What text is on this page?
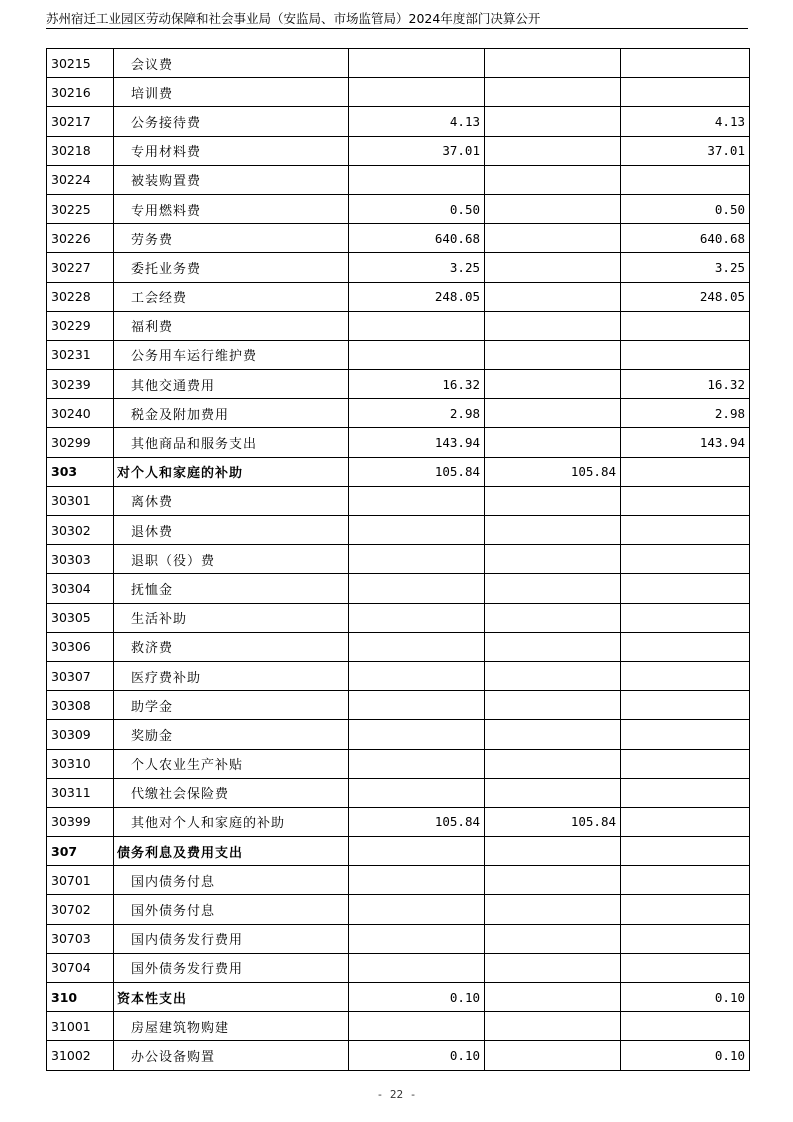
苏州宿迁工业园区劳动保障和社会事业局（安监局、市场监管局）2024年度部门决算公开
30215	会议费			
30216	培训费			
30217	公务接待费	4.13		4.13
30218	专用材料费	37.01		37.01
30224	被装购置费			
30225	专用燃料费	0.50		0.50
30226	劳务费	640.68		640.68
30227	委托业务费	3.25		3.25
30228	工会经费	248.05		248.05
30229	福利费			
30231	公务用车运行维护费			
30239	其他交通费用	16.32		16.32
30240	税金及附加费用	2.98		2.98
30299	其他商品和服务支出	143.94		143.94
303	对个人和家庭的补助	105.84	105.84	
30301	离休费			
30302	退休费			
30303	退职（役）费			
30304	抚恤金			
30305	生活补助			
30306	救济费			
30307	医疗费补助			
30308	助学金			
30309	奖励金			
30310	个人农业生产补贴			
30311	代缴社会保险费			
30399	其他对个人和家庭的补助	105.84	105.84	
307	债务利息及费用支出			
30701	国内债务付息			
30702	国外债务付息			
30703	国内债务发行费用			
30704	国外债务发行费用			
310	资本性支出	0.10		0.10
31001	房屋建筑物购建			
31002	办公设备购置	0.10		0.10
- 22 -
